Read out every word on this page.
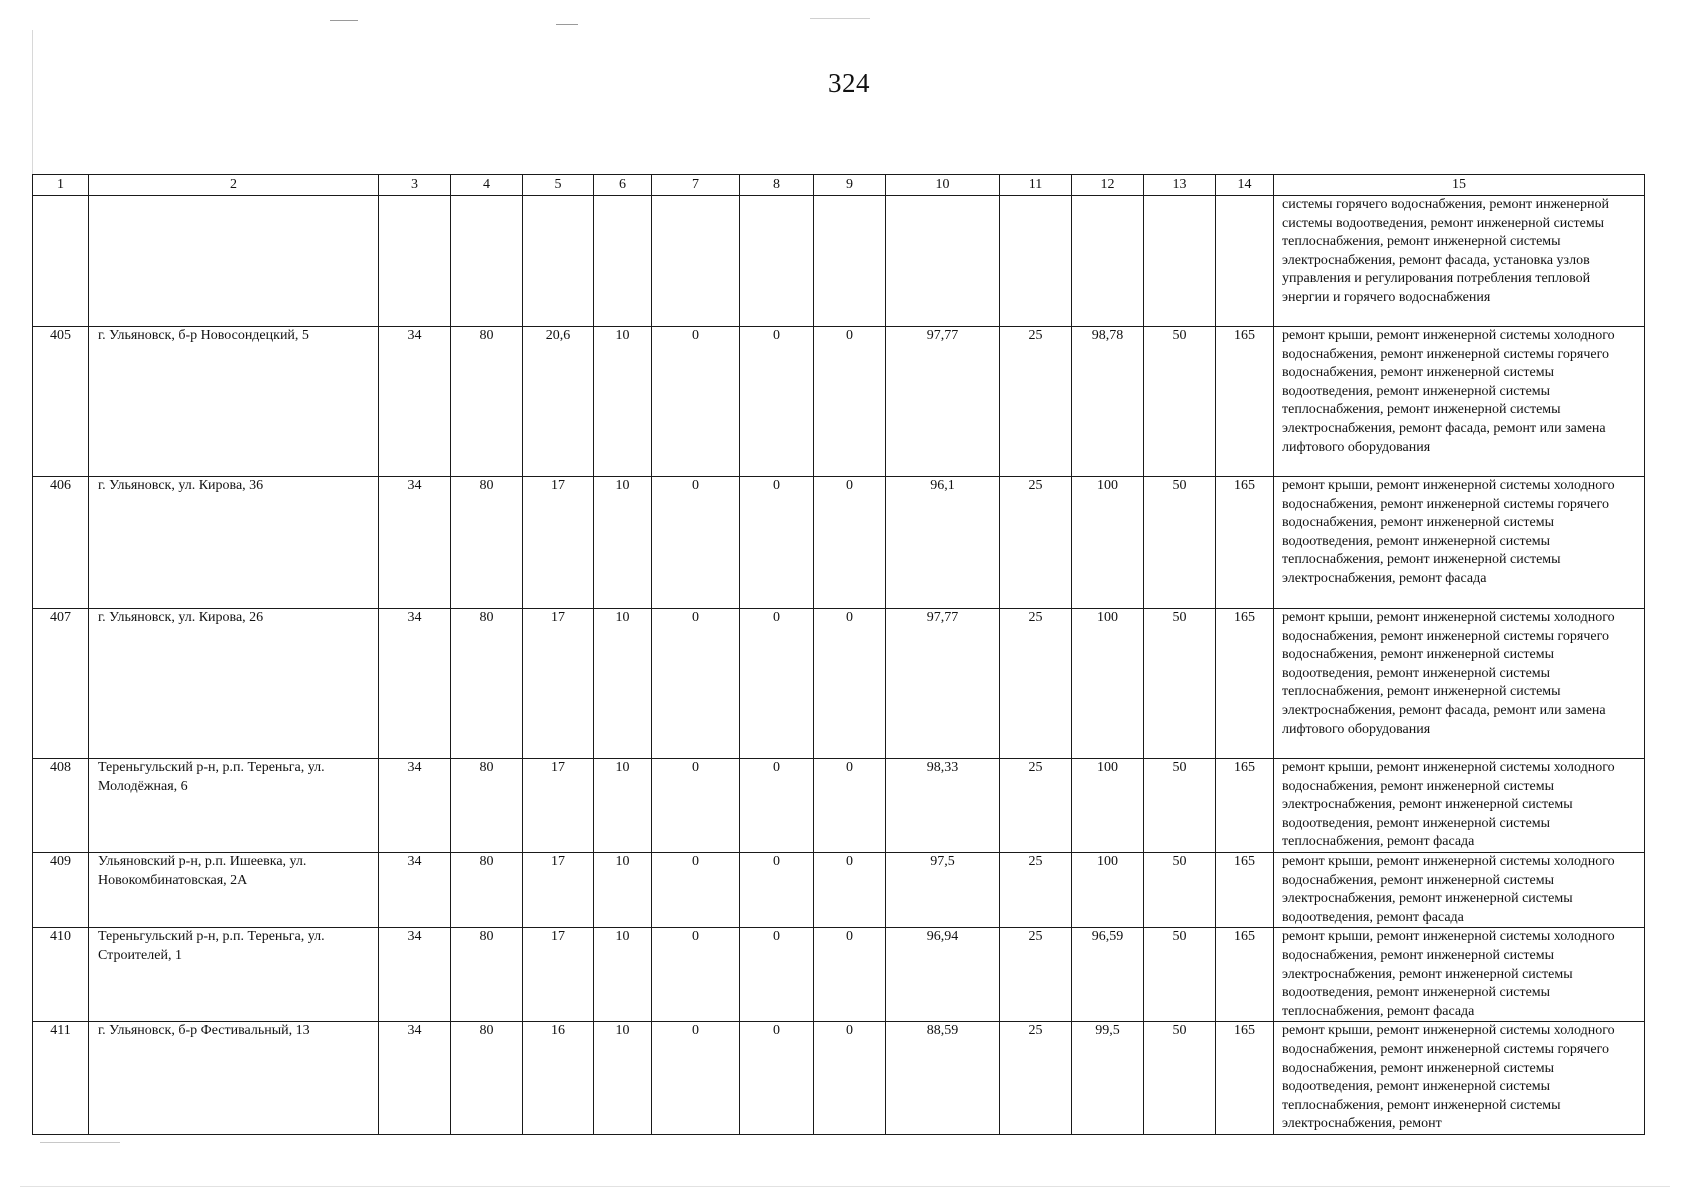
324
1	2	3	4	5	6	7	8	9	10	11	12	13	14	15
														системы горячего водоснабжения, ремонт инженерной системы водоотведения, ремонт инженерной системы теплоснабжения, ремонт инженерной системы электроснабжения, ремонт фасада, установка узлов управления и регулирования потребления тепловой энергии и горячего водоснабжения
405	г. Ульяновск, б-р Новосондецкий, 5	34	80	20,6	10	0	0	0	97,77	25	98,78	50	165	ремонт крыши, ремонт инженерной системы холодного водоснабжения, ремонт инженерной системы горячего водоснабжения, ремонт инженерной системы водоотведения, ремонт инженерной системы теплоснабжения, ремонт инженерной системы электроснабжения, ремонт фасада, ремонт или замена лифтового оборудования
406	г. Ульяновск, ул. Кирова, 36	34	80	17	10	0	0	0	96,1	25	100	50	165	ремонт крыши, ремонт инженерной системы холодного водоснабжения, ремонт инженерной системы горячего водоснабжения, ремонт инженерной системы водоотведения, ремонт инженерной системы теплоснабжения, ремонт инженерной системы электроснабжения, ремонт фасада
407	г. Ульяновск, ул. Кирова, 26	34	80	17	10	0	0	0	97,77	25	100	50	165	ремонт крыши, ремонт инженерной системы холодного водоснабжения, ремонт инженерной системы горячего водоснабжения, ремонт инженерной системы водоотведения, ремонт инженерной системы теплоснабжения, ремонт инженерной системы электроснабжения, ремонт фасада, ремонт или замена лифтового оборудования
408	Тереньгульский р-н, р.п. Тереньга, ул. Молодёжная, 6	34	80	17	10	0	0	0	98,33	25	100	50	165	ремонт крыши, ремонт инженерной системы холодного водоснабжения, ремонт инженерной системы электроснабжения, ремонт инженерной системы водоотведения, ремонт инженерной системы теплоснабжения, ремонт фасада
409	Ульяновский р-н, р.п. Ишеевка, ул. Новокомбинатовская, 2А	34	80	17	10	0	0	0	97,5	25	100	50	165	ремонт крыши, ремонт инженерной системы холодного водоснабжения, ремонт инженерной системы электроснабжения, ремонт инженерной системы водоотведения, ремонт фасада
410	Тереньгульский р-н, р.п. Тереньга, ул. Строителей, 1	34	80	17	10	0	0	0	96,94	25	96,59	50	165	ремонт крыши, ремонт инженерной системы холодного водоснабжения, ремонт инженерной системы электроснабжения, ремонт инженерной системы водоотведения, ремонт инженерной системы теплоснабжения, ремонт фасада
411	г. Ульяновск, б-р Фестивальный, 13	34	80	16	10	0	0	0	88,59	25	99,5	50	165	ремонт крыши, ремонт инженерной системы холодного водоснабжения, ремонт инженерной системы горячего водоснабжения, ремонт инженерной системы водоотведения, ремонт инженерной системы теплоснабжения, ремонт инженерной системы электроснабжения, ремонт
